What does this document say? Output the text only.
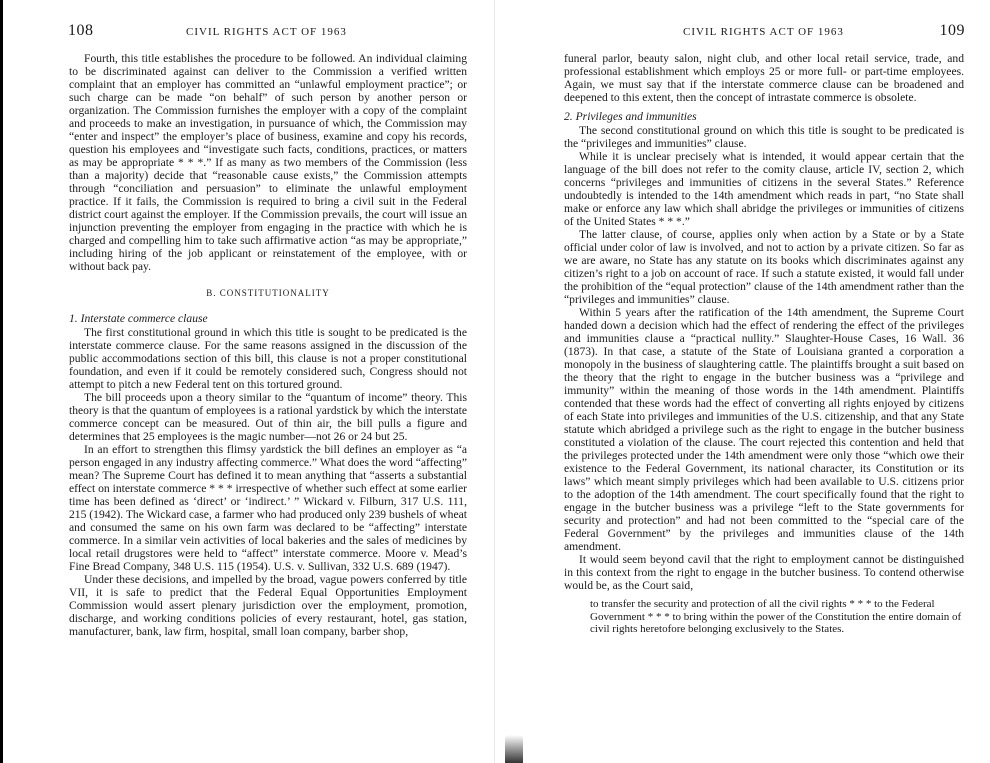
108	CIVIL RIGHTS ACT OF 1963

Fourth, this title establishes the procedure to be followed. An individual claiming to be discriminated against can deliver to the Commission a verified written complaint that an employer has committed an “unlawful employment practice”; or such charge can be made “on behalf” of such person by another person or organization. The Commission furnishes the employer with a copy of the complaint and proceeds to make an investigation, in pursuance of which, the Commission may “enter and inspect” the employer’s place of business, examine and copy his records, question his employees and “investigate such facts, conditions, practices, or matters as may be appropriate * * *.” If as many as two members of the Commission (less than a majority) decide that “reasonable cause exists,” the Commission attempts through “conciliation and persuasion” to eliminate the unlawful employment practice. If it fails, the Commission is required to bring a civil suit in the Federal district court against the employer. If the Commission prevails, the court will issue an injunction preventing the employer from engaging in the practice with which he is charged and compelling him to take such affirmative action “as may be appropriate,” including hiring of the job applicant or reinstatement of the employee, with or without back pay.

B. CONSTITUTIONALITY
1. Interstate commerce clause

The first constitutional ground in which this title is sought to be predicated is the interstate commerce clause. For the same reasons assigned in the discussion of the public accommodations section of this bill, this clause is not a proper constitutional foundation, and even if it could be remotely considered such, Congress should not attempt to pitch a new Federal tent on this tortured ground.

The bill proceeds upon a theory similar to the “quantum of income” theory. This theory is that the quantum of employees is a rational yardstick by which the interstate commerce concept can be measured. Out of thin air, the bill pulls a figure and determines that 25 employees is the magic number—not 26 or 24 but 25.

In an effort to strengthen this flimsy yardstick the bill defines an employer as “a person engaged in any industry affecting commerce.” What does the word “affecting” mean? The Supreme Court has defined it to mean anything that “asserts a substantial effect on interstate commerce * * * irrespective of whether such effect at some earlier time has been defined as ‘direct’ or ‘indirect.’ ” Wickard v. Filburn, 317 U.S. 111, 215 (1942). The Wickard case, a farmer who had produced only 239 bushels of wheat and consumed the same on his own farm was declared to be “affecting” interstate commerce. In a similar vein activities of local bakeries and the sales of medicines by local retail drugstores were held to “affect” interstate commerce. Moore v. Mead’s Fine Bread Company, 348 U.S. 115 (1954). U.S. v. Sullivan, 332 U.S. 689 (1947).

Under these decisions, and impelled by the broad, vague powers conferred by title VII, it is safe to predict that the Federal Equal Opportunities Employment Commission would assert plenary jurisdiction over the employment, promotion, discharge, and working conditions policies of every restaurant, hotel, gas station, manufacturer, bank, law firm, hospital, small loan company, barber shop,

CIVIL RIGHTS ACT OF 1963	109

funeral parlor, beauty salon, night club, and other local retail service, trade, and professional establishment which employs 25 or more full- or part-time employees. Again, we must say that if the interstate commerce clause can be broadened and deepened to this extent, then the concept of intrastate commerce is obsolete.

2. Privileges and immunities

The second constitutional ground on which this title is sought to be predicated is the “privileges and immunities” clause.

While it is unclear precisely what is intended, it would appear certain that the language of the bill does not refer to the comity clause, article IV, section 2, which concerns “privileges and immunities of citizens in the several States.” Reference undoubtedly is intended to the 14th amendment which reads in part, “no State shall make or enforce any law which shall abridge the privileges or immunities of citizens of the United States * * *.”

The latter clause, of course, applies only when action by a State or by a State official under color of law is involved, and not to action by a private citizen. So far as we are aware, no State has any statute on its books which discriminates against any citizen’s right to a job on account of race. If such a statute existed, it would fall under the prohibition of the “equal protection” clause of the 14th amendment rather than the “privileges and immunities” clause.

Within 5 years after the ratification of the 14th amendment, the Supreme Court handed down a decision which had the effect of rendering the effect of the privileges and immunities clause a “practical nullity.” Slaughter-House Cases, 16 Wall. 36 (1873). In that case, a statute of the State of Louisiana granted a corporation a monopoly in the business of slaughtering cattle. The plaintiffs brought a suit based on the theory that the right to engage in the butcher business was a “privilege and immunity” within the meaning of those words in the 14th amendment. Plaintiffs contended that these words had the effect of converting all rights enjoyed by citizens of each State into privileges and immunities of the U.S. citizenship, and that any State statute which abridged a privilege such as the right to engage in the butcher business constituted a violation of the clause. The court rejected this contention and held that the privileges protected under the 14th amendment were only those “which owe their existence to the Federal Government, its national character, its Constitution or its laws” which meant simply privileges which had been available to U.S. citizens prior to the adoption of the 14th amendment. The court specifically found that the right to engage in the butcher business was a privilege “left to the State governments for security and protection” and had not been committed to the “special care of the Federal Government” by the privileges and immunities clause of the 14th amendment.

It would seem beyond cavil that the right to employment cannot be distinguished in this context from the right to engage in the butcher business. To contend otherwise would be, as the Court said,

to transfer the security and protection of all the civil rights * * * to the Federal Government * * * to bring within the power of the Constitution the entire domain of civil rights heretofore belonging exclusively to the States.
